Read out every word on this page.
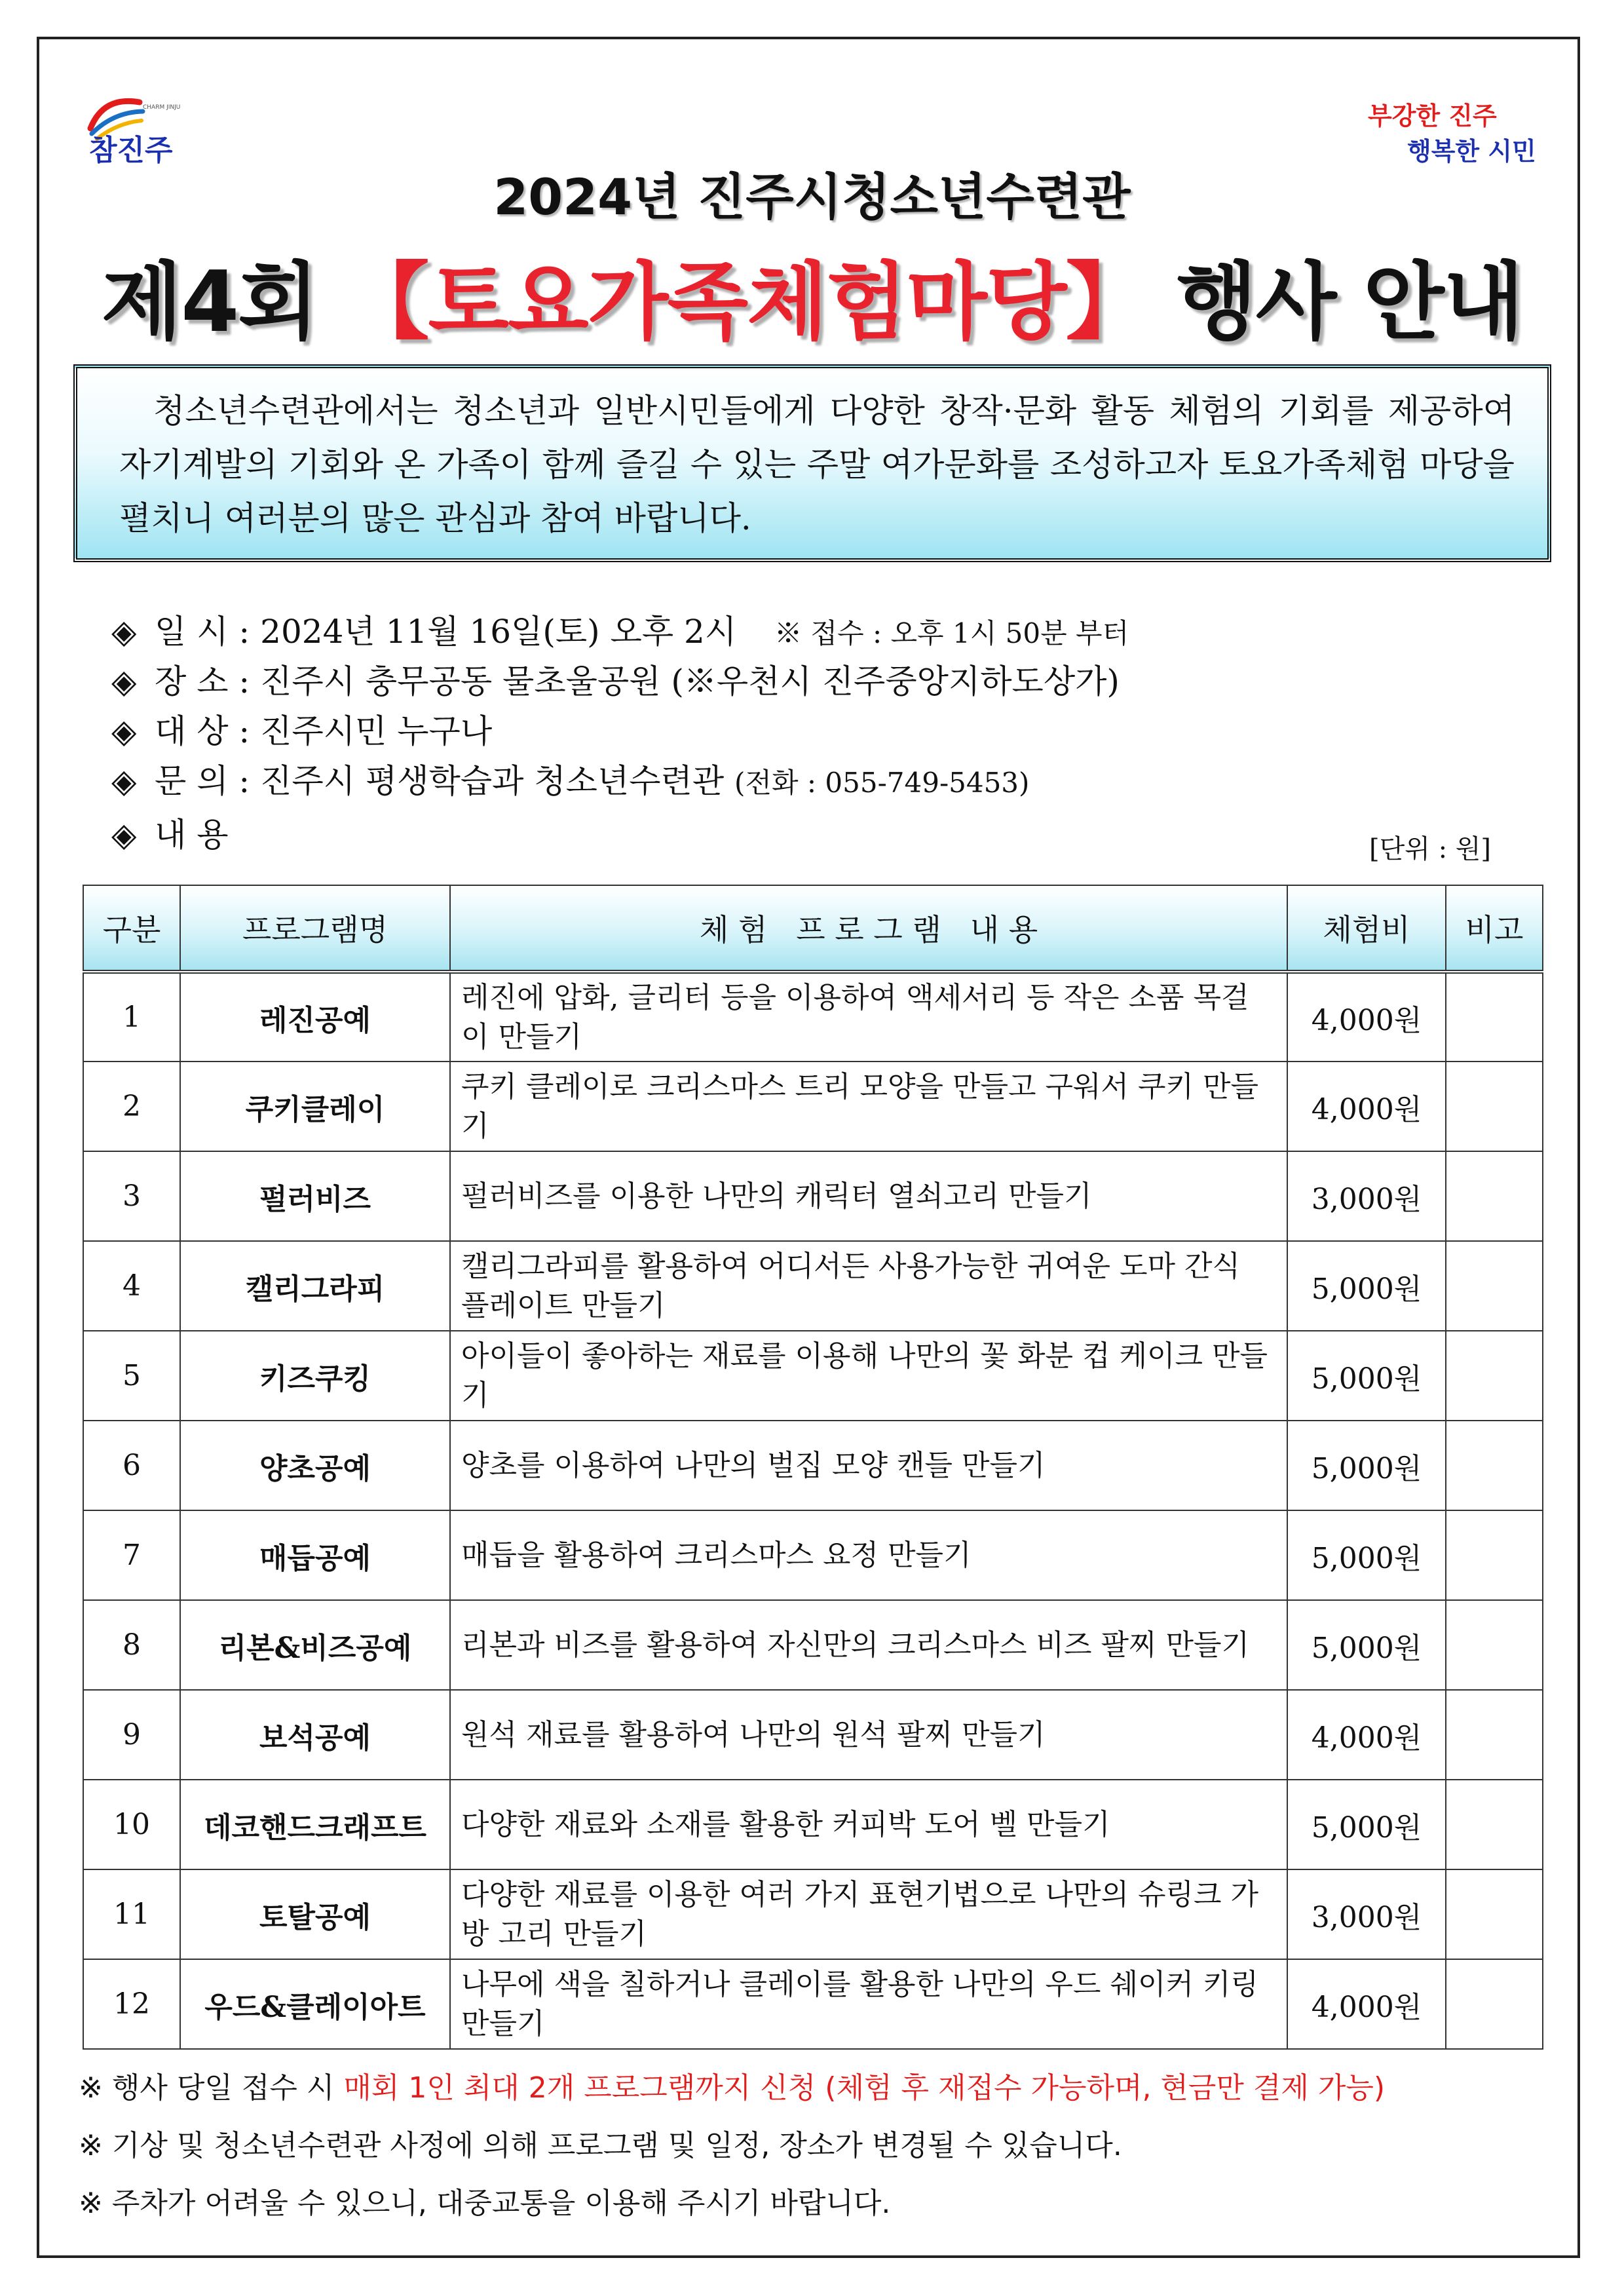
CHARM JINJU
참진주
부강한 진주
행복한 시민
2024년 진주시청소년수련관
제4회 【토요가족체험마당】 행사 안내
청소년수련관에서는 청소년과 일반시민들에게 다양한 창작·문화 활동 체험의 기회를 제공하여 자기계발의 기회와 온 가족이 함께 즐길 수 있는 주말 여가문화를 조성하고자 토요가족체험 마당을 펼치니 여러분의 많은 관심과 참여 바랍니다.
◈ 일 시 : 2024년 11월 16일(토) 오후 2시 ※ 접수 : 오후 1시 50분 부터
◈ 장 소 : 진주시 충무공동 물초울공원 (※우천시 진주중앙지하도상가)
◈ 대 상 : 진주시민 누구나
◈ 문 의 : 진주시 평생학습과 청소년수련관 (전화 : 055-749-5453)
◈ 내 용	[단위 : 원]
구분	프로그램명	체 험   프 로 그 램   내 용	체험비	비고
1	레진공예	레진에 압화, 글리터 등을 이용하여 액세서리 등 작은 소품 목걸이 만들기	4,000원	
2	쿠키클레이	쿠키 클레이로 크리스마스 트리 모양을 만들고 구워서 쿠키 만들기	4,000원	
3	펄러비즈	펄러비즈를 이용한 나만의 캐릭터 열쇠고리 만들기	3,000원	
4	캘리그라피	캘리그라피를 활용하여 어디서든 사용가능한 귀여운 도마 간식 플레이트 만들기	5,000원	
5	키즈쿠킹	아이들이 좋아하는 재료를 이용해 나만의 꽃 화분 컵 케이크 만들기	5,000원	
6	양초공예	양초를 이용하여 나만의 벌집 모양 캔들 만들기	5,000원	
7	매듭공예	매듭을 활용하여 크리스마스 요정 만들기	5,000원	
8	리본&비즈공예	리본과 비즈를 활용하여 자신만의 크리스마스 비즈 팔찌 만들기	5,000원	
9	보석공예	원석 재료를 활용하여 나만의 원석 팔찌 만들기	4,000원	
10	데코핸드크래프트	다양한 재료와 소재를 활용한 커피박 도어 벨 만들기	5,000원	
11	토탈공예	다양한 재료를 이용한 여러 가지 표현기법으로 나만의 슈링크 가방 고리 만들기	3,000원	
12	우드&클레이아트	나무에 색을 칠하거나 클레이를 활용한 나만의 우드 쉐이커 키링 만들기	4,000원	
※ 행사 당일 접수 시 매회 1인 최대 2개 프로그램까지 신청 (체험 후 재접수 가능하며, 현금만 결제 가능)
※ 기상 및 청소년수련관 사정에 의해 프로그램 및 일정, 장소가 변경될 수 있습니다.
※ 주차가 어려울 수 있으니, 대중교통을 이용해 주시기 바랍니다.
